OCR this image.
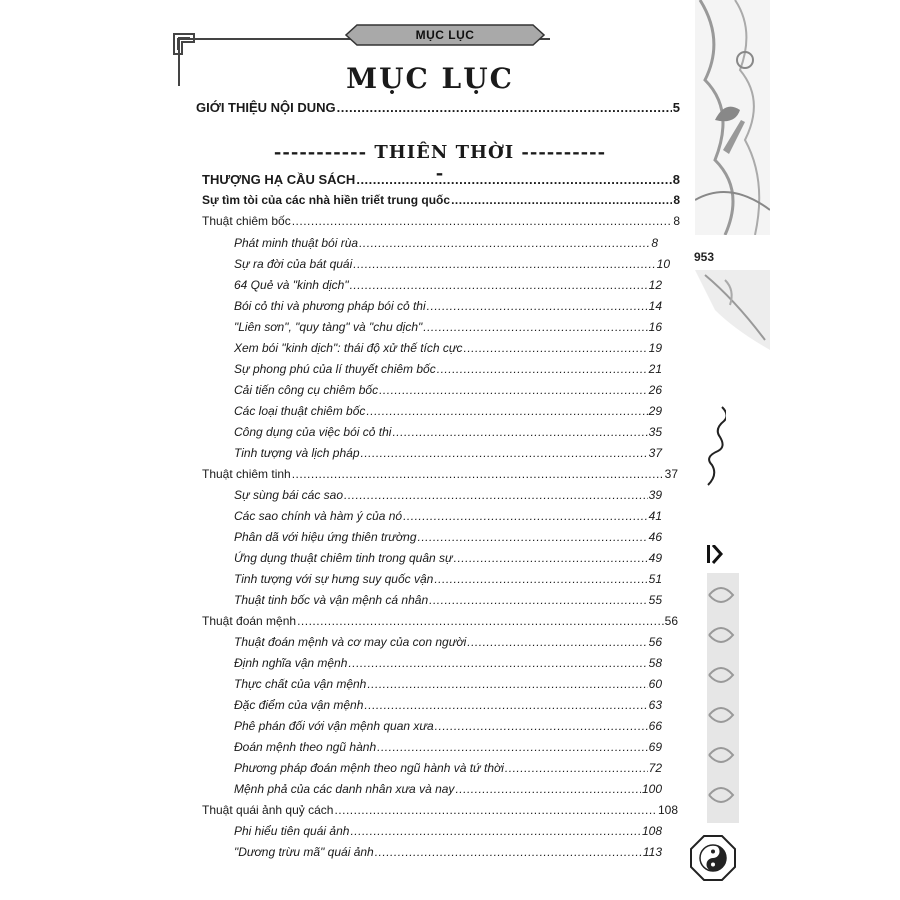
MỤC LỤC
MỤC LỤC
GIỚI THIỆU NỘI DUNG .....	5
----------- THIÊN THỜI -----------
THƯỢNG HẠ CẦU SÁCH .....	8
Sự tìm tòi của các nhà hiền triết trung quốc .....	8
Thuật chiêm bốc .....	8
Phát minh thuật bói rùa .....	8
Sự ra đời của bát quái .....	10
64 Quẻ và "kinh dịch" .....	12
Bói cỏ thi và phương pháp bói cỏ thi .....	14
"Liên sơn", "quy tàng" và "chu dịch" .....	16
Xem bói "kinh dịch": thái độ xử thế tích cực .....	19
Sự phong phú của lí thuyết chiêm bốc .....	21
Cải tiến công cụ chiêm bốc .....	26
Các loại thuật chiêm bốc .....	29
Công dụng của việc bói cỏ thi .....	35
Tinh tượng và lịch pháp .....	37
Thuật chiêm tinh .....	37
Sự sùng bái các sao .....	39
Các sao chính và hàm ý của nó .....	41
Phân dã với hiệu ứng thiên trường .....	46
Ứng dụng thuật chiêm tinh trong quân sự .....	49
Tinh tượng với sự hưng suy quốc vận .....	51
Thuật tinh bốc và vận mệnh cá nhân .....	55
Thuật đoán mệnh .....	56
Thuật đoán mệnh và cơ may của con người .....	56
Định nghĩa vận mệnh .....	58
Thực chất của vận mệnh .....	60
Đặc điểm của vận mệnh .....	63
Phê phán đối với vận mệnh quan xưa .....	66
Đoán mệnh theo ngũ hành .....	69
Phương pháp đoán mệnh theo ngũ hành và tứ thời .....	72
Mệnh phả của các danh nhân xưa và nay .....	100
Thuật quái ảnh quỷ cách .....	108
Phi hiểu tiên quái ảnh .....	108
"Dương trừu mã" quái ảnh .....	113
953
